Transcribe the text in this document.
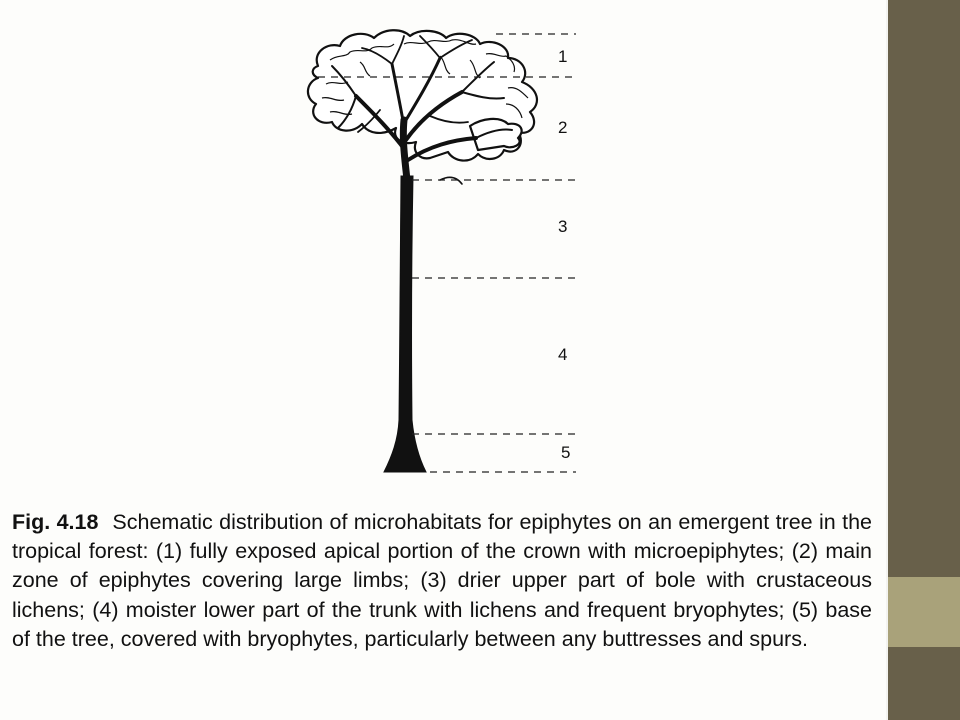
1
2
3
4
5

Fig. 4.18 Schematic distribution of microhabitats for epiphytes on an emergent tree in the tropical forest: (1) fully exposed apical portion of the crown with microepiphytes; (2) main zone of epiphytes covering large limbs; (3) drier upper part of bole with crustaceous lichens; (4) moister lower part of the trunk with lichens and frequent bryophytes; (5) base of the tree, covered with bryophytes, particularly between any buttresses and spurs.
